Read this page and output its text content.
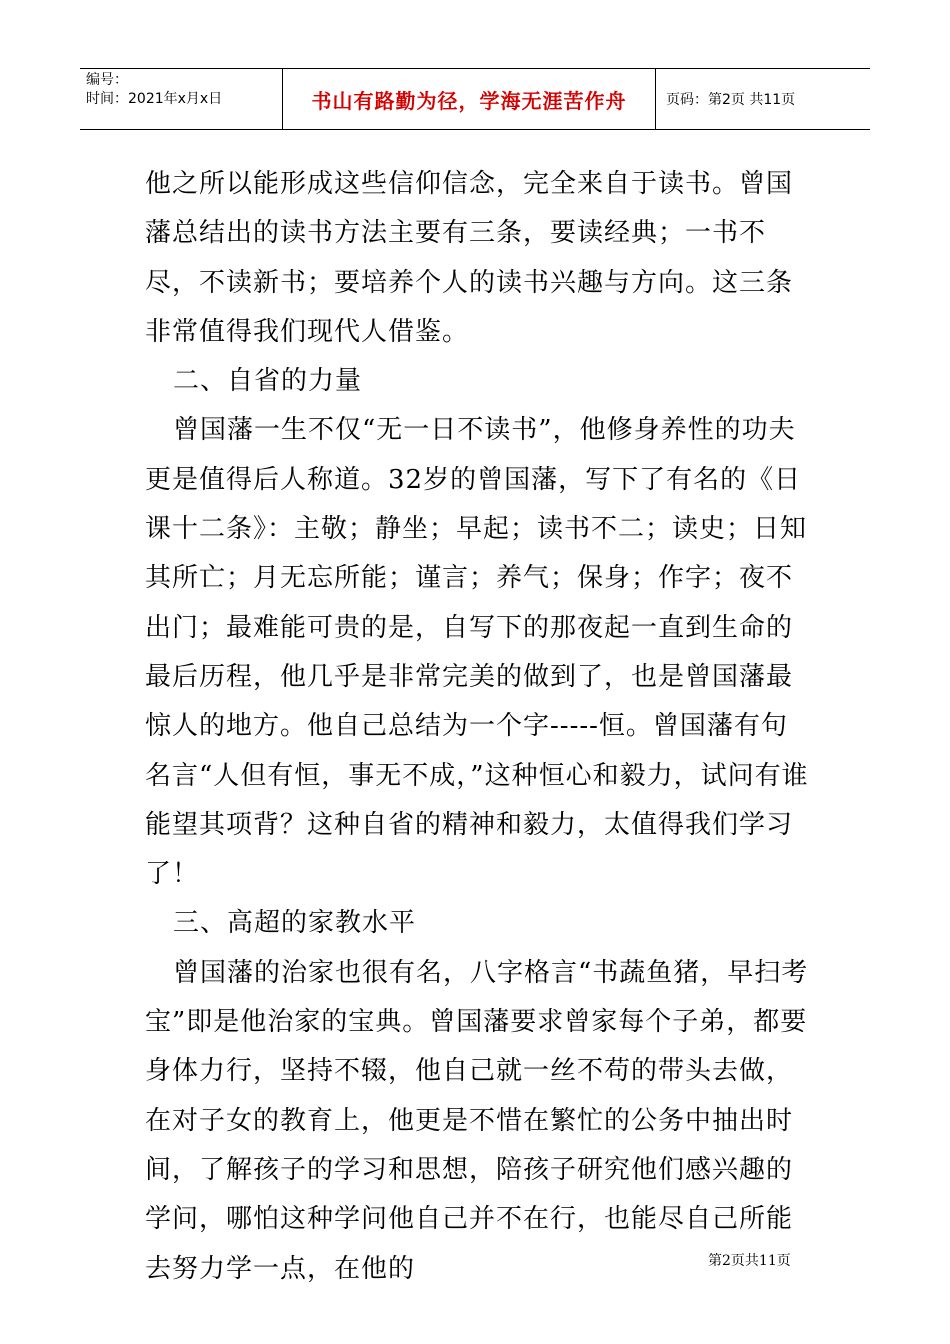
编号：
时间：2021年x月x日	书山有路勤为径，学海无涯苦作舟	页码：第2页 共11页

他之所以能形成这些信仰信念，完全来自于读书。曾国藩总结出的读书方法主要有三条，要读经典；一书不尽，不读新书；要培养个人的读书兴趣与方向。这三条非常值得我们现代人借鉴。

二、自省的力量

曾国藩一生不仅“无一日不读书”，他修身养性的功夫更是值得后人称道。32岁的曾国藩，写下了有名的《日课十二条》：主敬；静坐；早起；读书不二；读史；日知其所亡；月无忘所能；谨言；养气；保身；作字；夜不出门；最难能可贵的是，自写下的那夜起一直到生命的最后历程，他几乎是非常完美的做到了，也是曾国藩最惊人的地方。他自己总结为一个字-----恒。曾国藩有句名言“人但有恒，事无不成，”这种恒心和毅力，试问有谁能望其项背？这种自省的精神和毅力，太值得我们学习了！

三、高超的家教水平

曾国藩的治家也很有名，八字格言“书蔬鱼猪，早扫考宝”即是他治家的宝典。曾国藩要求曾家每个子弟，都要身体力行，坚持不辍，他自己就一丝不苟的带头去做，在对子女的教育上，他更是不惜在繁忙的公务中抽出时间，了解孩子的学习和思想，陪孩子研究他们感兴趣的学问，哪怕这种学问他自己并不在行，也能尽自己所能去努力学一点，在他的	第2页共11页
